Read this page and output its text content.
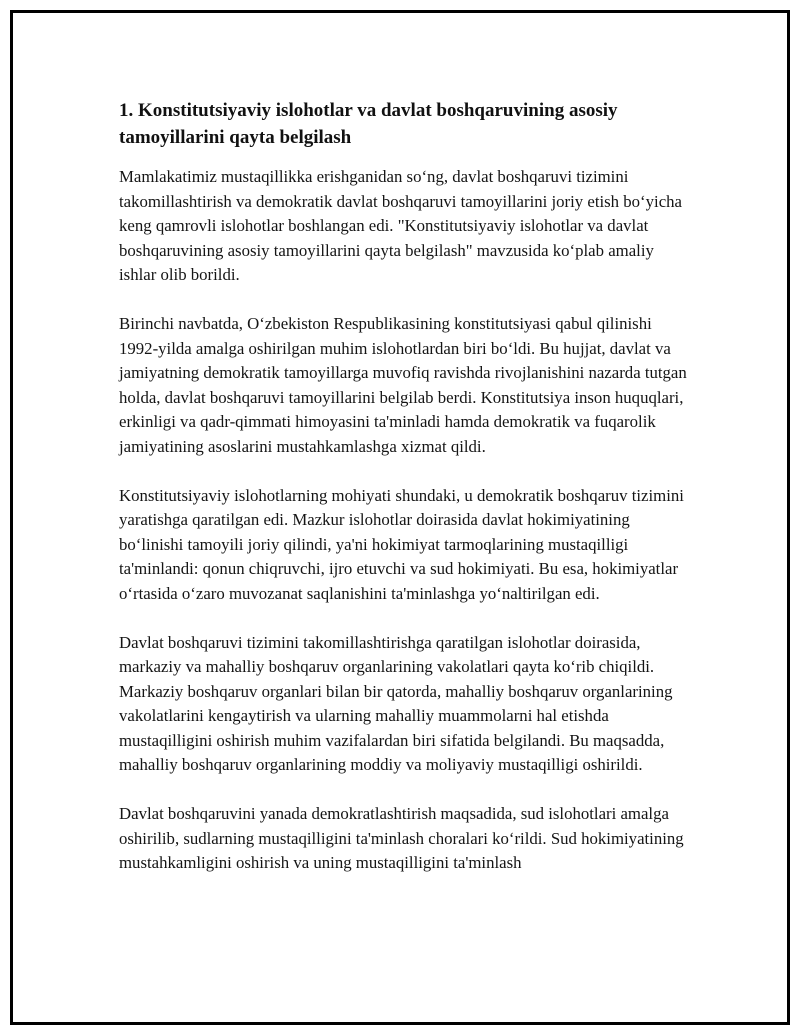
1. Konstitutsiyaviy islohotlar va davlat boshqaruvining asosiy tamoyillarini qayta belgilash

Mamlakatimiz mustaqillikka erishganidan so‘ng, davlat boshqaruvi tizimini takomillashtirish va demokratik davlat boshqaruvi tamoyillarini joriy etish bo‘yicha keng qamrovli islohotlar boshlangan edi. "Konstitutsiyaviy islohotlar va davlat boshqaruvining asosiy tamoyillarini qayta belgilash" mavzusida ko‘plab amaliy ishlar olib borildi.

Birinchi navbatda, O‘zbekiston Respublikasining konstitutsiyasi qabul qilinishi 1992-yilda amalga oshirilgan muhim islohotlardan biri bo‘ldi. Bu hujjat, davlat va jamiyatning demokratik tamoyillarga muvofiq ravishda rivojlanishini nazarda tutgan holda, davlat boshqaruvi tamoyillarini belgilab berdi. Konstitutsiya inson huquqlari, erkinligi va qadr-qimmati himoyasini ta'minladi hamda demokratik va fuqarolik jamiyatining asoslarini mustahkamlashga xizmat qildi.

Konstitutsiyaviy islohotlarning mohiyati shundaki, u demokratik boshqaruv tizimini yaratishga qaratilgan edi. Mazkur islohotlar doirasida davlat hokimiyatining bo‘linishi tamoyili joriy qilindi, ya'ni hokimiyat tarmoqlarining mustaqilligi ta'minlandi: qonun chiqruvchi, ijro etuvchi va sud hokimiyati. Bu esa, hokimiyatlar o‘rtasida o‘zaro muvozanat saqlanishini ta'minlashga yo‘naltirilgan edi.

Davlat boshqaruvi tizimini takomillashtirishga qaratilgan islohotlar doirasida, markaziy va mahalliy boshqaruv organlarining vakolatlari qayta ko‘rib chiqildi. Markaziy boshqaruv organlari bilan bir qatorda, mahalliy boshqaruv organlarining vakolatlarini kengaytirish va ularning mahalliy muammolarni hal etishda mustaqilligini oshirish muhim vazifalardan biri sifatida belgilandi. Bu maqsadda, mahalliy boshqaruv organlarining moddiy va moliyaviy mustaqilligi oshirildi.

Davlat boshqaruvini yanada demokratlashtirish maqsadida, sud islohotlari amalga oshirilib, sudlarning mustaqilligini ta'minlash choralari ko‘rildi. Sud hokimiyatining mustahkamligini oshirish va uning mustaqilligini ta'minlash
